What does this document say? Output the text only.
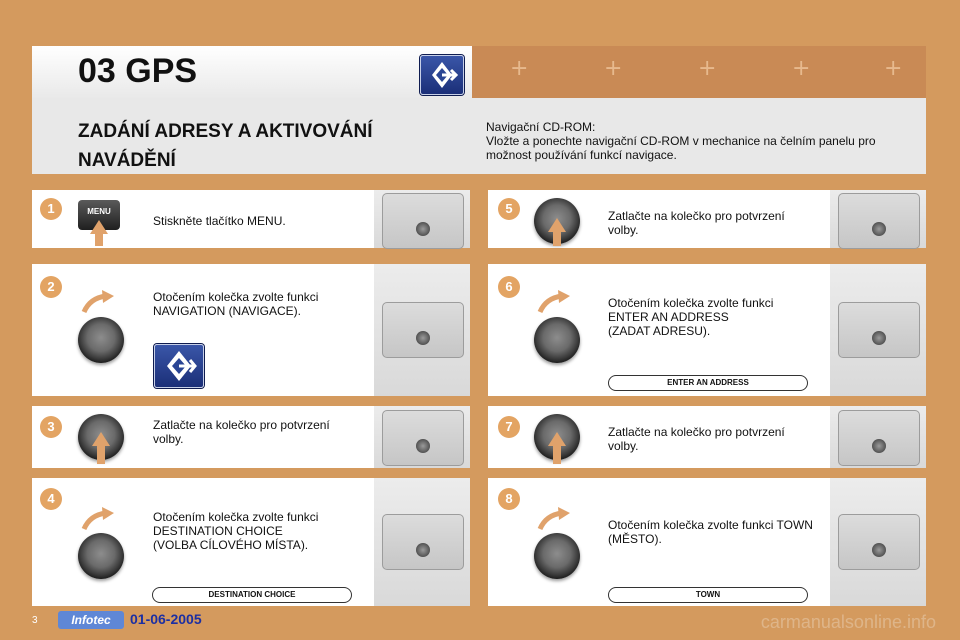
+	+	+	+	+
03 GPS
ZADÁNÍ ADRESY A AKTIVOVÁNÍ NAVÁDĚNÍ
Navigační CD-ROM:
Vložte a ponechte navigační CD-ROM v mechanice na čelním panelu pro možnost používání funkcí navigace.
1
2
3
4
5
6
7
8
Stiskněte tlačítko MENU.
Otočením kolečka zvolte funkci
NAVIGATION (NAVIGACE).
Zatlačte na kolečko pro potvrzení
volby.
Otočením kolečka zvolte funkci
DESTINATION CHOICE
(VOLBA CÍLOVÉHO MÍSTA).
Zatlačte na kolečko pro potvrzení
volby.
Otočením kolečka zvolte funkci
ENTER AN ADDRESS
(ZADAT ADRESU).
Zatlačte na kolečko pro potvrzení
volby.
Otočením kolečka zvolte funkci TOWN
(MĚSTO).
MENU
DESTINATION CHOICE
ENTER AN ADDRESS
TOWN
3	Infotec	01-06-2005	carmanualsonline.info
